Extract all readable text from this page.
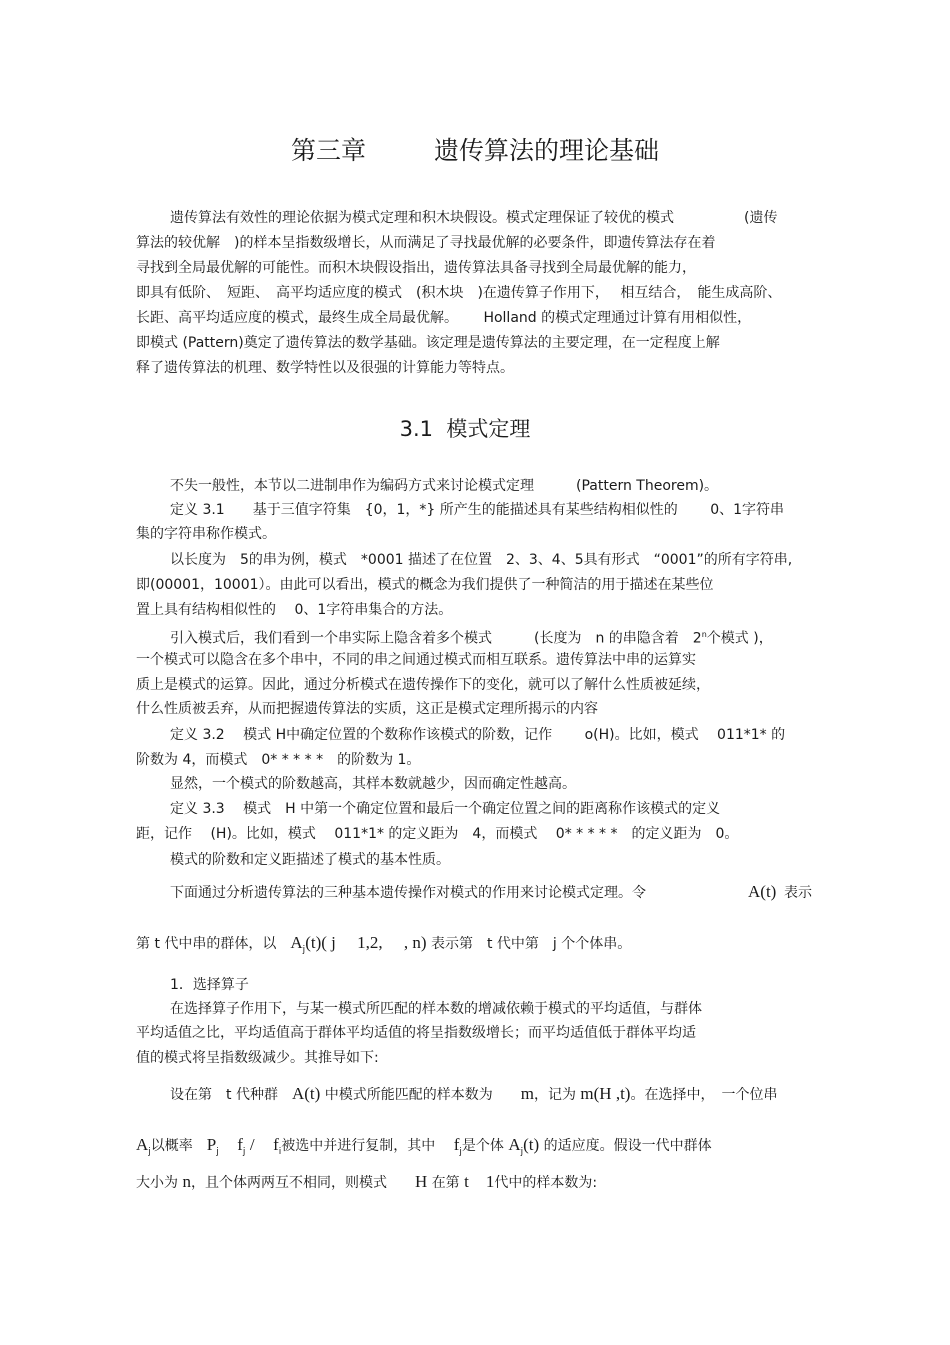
第三章	遗传算法的理论基础
遗传算法有效性的理论依据为模式定理和积木块假设。模式定理保证了较优的模式　　　　　(遗传
算法的较优解　)的样本呈指数级增长，从而满足了寻找最优解的必要条件，即遗传算法存在着
寻找到全局最优解的可能性。而积木块假设指出，遗传算法具备寻找到全局最优解的能力，
即具有低阶、　短距、　高平均适应度的模式　(积木块　)在遗传算子作用下，　 相互结合，　能生成高阶、
长距、高平均适应度的模式，最终生成全局最优解。　　 Holland 的模式定理通过计算有用相似性，
即模式 (Pattern)奠定了遗传算法的数学基础。该定理是遗传算法的主要定理，在一定程度上解
释了遗传算法的机理、数学特性以及很强的计算能力等特点。
3.1 模式定理
不失一般性，本节以二进制串作为编码方式来讨论模式定理　　　(Pattern Theorem)。
定义 3.1　　基于三值字符集　{0，1，*} 所产生的能描述具有某些结构相似性的　　 0、1字符串
集的字符串称作模式。
以长度为　5的串为例，模式　*0001 描述了在位置　2、3、4、5具有形式　“0001”的所有字符串,
即(00001，10001）。由此可以看出，模式的概念为我们提供了一种简洁的用于描述在某些位
置上具有结构相似性的　 0、1字符串集合的方法。
引入模式后，我们看到一个串实际上隐含着多个模式　　　(长度为　n 的串隐含着　2$^n$个模式 )，
一个模式可以隐含在多个串中，不同的串之间通过模式而相互联系。遗传算法中串的运算实
质上是模式的运算。因此，通过分析模式在遗传操作下的变化，就可以了解什么性质被延续，
什么性质被丢弃，从而把握遗传算法的实质，这正是模式定理所揭示的内容
定义 3.2　 模式 H中确定位置的个数称作该模式的阶数，记作　　 o(H)。比如，模式　 011*1* 的
阶数为 4，而模式　0* * * * *　的阶数为 1。
显然，一个模式的阶数越高，其样本数就越少，因而确定性越高。
定义 3.3　 模式　H 中第一个确定位置和最后一个确定位置之间的距离称作该模式的定义
距，记作　 (H)。比如，模式　 011*1* 的定义距为　4，而模式　 0* * * * *　的定义距为　0。
模式的阶数和定义距描述了模式的基本性质。
下面通过分析遗传算法的三种基本遗传操作对模式的作用来讨论模式定理。令	A(t) 表示
第 t 代中串的群体，以　 $A_j(t)$( j　 1,2,　 , n) 表示第　t 代中第　j 个个体串。
1．选择算子
在选择算子作用下，与某一模式所匹配的样本数的增减依赖于模式的平均适值，与群体
平均适值之比，平均适值高于群体平均适值的将呈指数级增长；而平均适值低于群体平均适
值的模式将呈指数级减少。其推导如下:
设在第　t 代种群　 A(t) 中模式所能匹配的样本数为　　 m，记为 m(H ,t)。在选择中，　一个位串
$A_j$以概率　 $P_j$　 $f_j$ /　 $f_i$被选中并进行复制，其中　 $f_j$是个体 $A_j(t)$ 的适应度。假设一代中群体
大小为 n，且个体两两互不相同，则模式　　 H 在第 t　1代中的样本数为:
